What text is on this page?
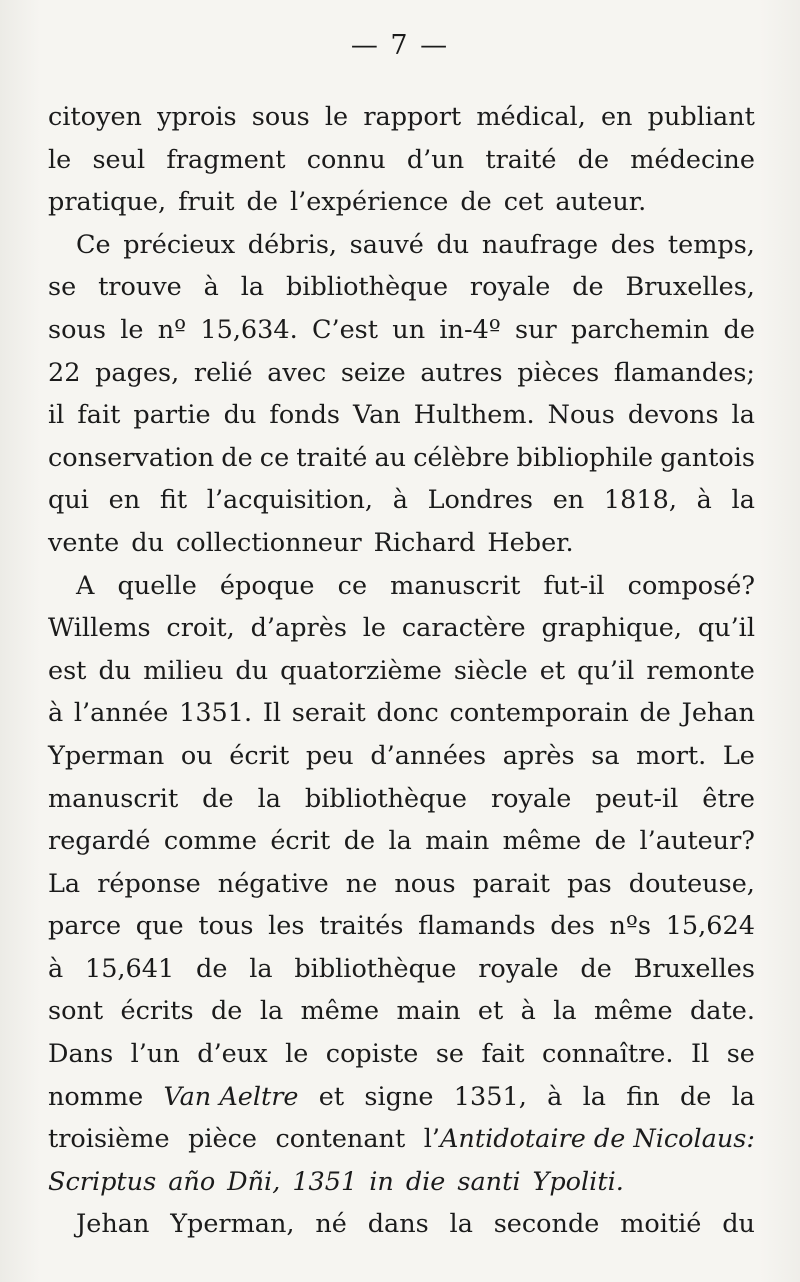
— 7 —
citoyen yprois sous le rapport médical, en publiant
le seul fragment connu d’un traité de médecine
pratique, fruit de l’expérience de cet auteur.
Ce précieux débris, sauvé du naufrage des temps,
se trouve à la bibliothèque royale de Bruxelles,
sous le nº 15,634. C’est un in-4º sur parchemin de
22 pages, relié avec seize autres pièces flamandes;
il fait partie du fonds Van Hulthem. Nous devons la
conservation de ce traité au célèbre bibliophile gantois
qui en fit l’acquisition, à Londres en 1818, à la
vente du collectionneur Richard Heber.
A quelle époque ce manuscrit fut-il composé?
Willems croit, d’après le caractère graphique, qu’il
est du milieu du quatorzième siècle et qu’il remonte
à l’année 1351. Il serait donc contemporain de Jehan
Yperman ou écrit peu d’années après sa mort. Le
manuscrit de la bibliothèque royale peut-il être
regardé comme écrit de la main même de l’auteur?
La réponse négative ne nous parait pas douteuse,
parce que tous les traités flamands des nºs 15,624
à 15,641 de la bibliothèque royale de Bruxelles
sont écrits de la même main et à la même date.
Dans l’un d’eux le copiste se fait connaître. Il se
nomme Van Aeltre et signe 1351, à la fin de la
troisième pièce contenant l’Antidotaire de Nicolaus:
Scriptus año Dñi, 1351 in die santi Ypoliti.
Jehan Yperman, né dans la seconde moitié du
